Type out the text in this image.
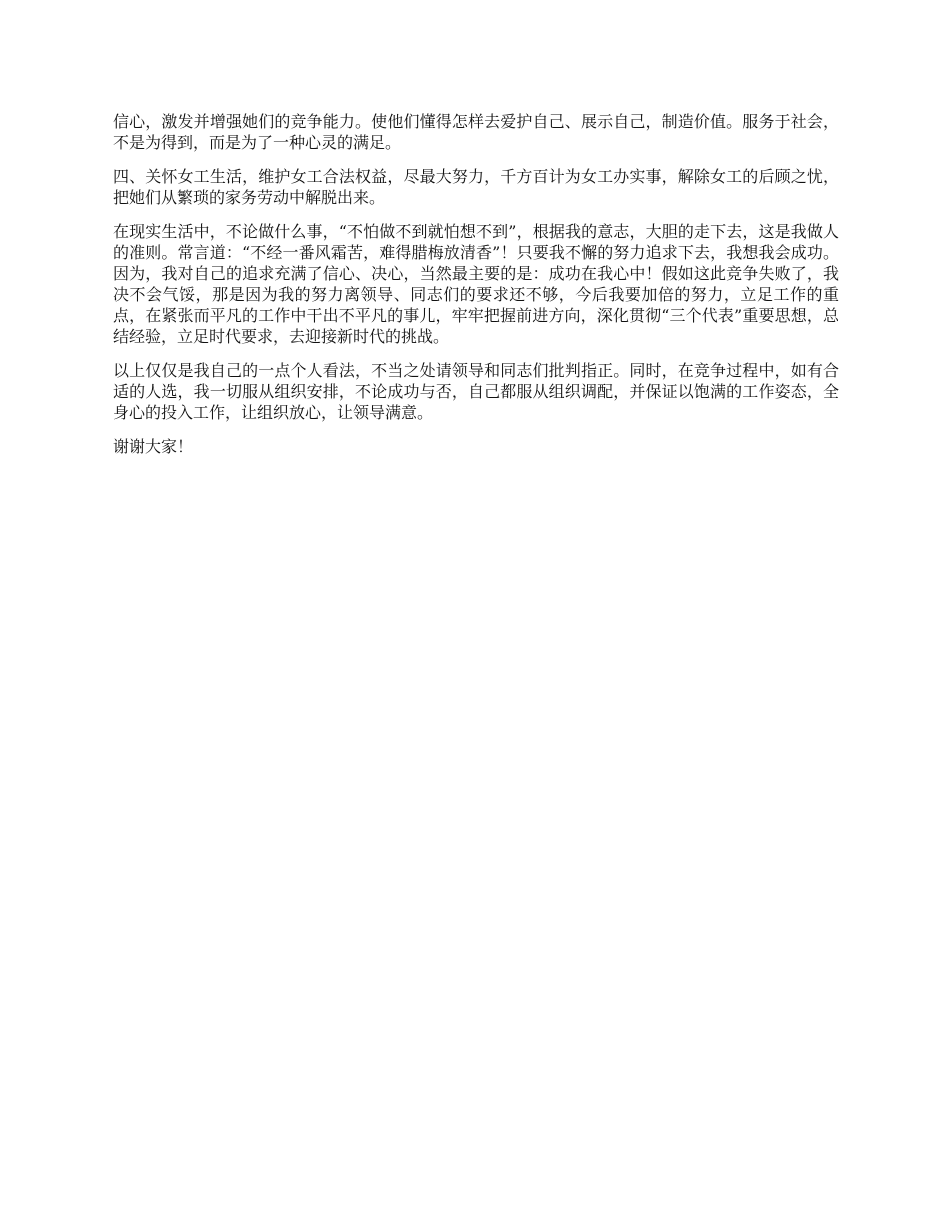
信心，激发并增强她们的竞争能力。使他们懂得怎样去爱护自己、展示自己，制造价值。服务于社会，不是为得到，而是为了一种心灵的满足。

四、关怀女工生活，维护女工合法权益，尽最大努力，千方百计为女工办实事，解除女工的后顾之忧，把她们从繁琐的家务劳动中解脱出来。

在现实生活中，不论做什么事，“不怕做不到就怕想不到”，根据我的意志，大胆的走下去，这是我做人的准则。常言道：“不经一番风霜苦，难得腊梅放清香”！只要我不懈的努力追求下去，我想我会成功。因为，我对自己的追求充满了信心、决心，当然最主要的是：成功在我心中！假如这此竞争失败了，我决不会气馁，那是因为我的努力离领导、同志们的要求还不够，今后我要加倍的努力，立足工作的重点，在紧张而平凡的工作中干出不平凡的事儿，牢牢把握前进方向，深化贯彻“三个代表”重要思想，总结经验，立足时代要求，去迎接新时代的挑战。

以上仅仅是我自己的一点个人看法，不当之处请领导和同志们批判指正。同时，在竞争过程中，如有合适的人选，我一切服从组织安排，不论成功与否，自己都服从组织调配，并保证以饱满的工作姿态，全身心的投入工作，让组织放心，让领导满意。

谢谢大家！
